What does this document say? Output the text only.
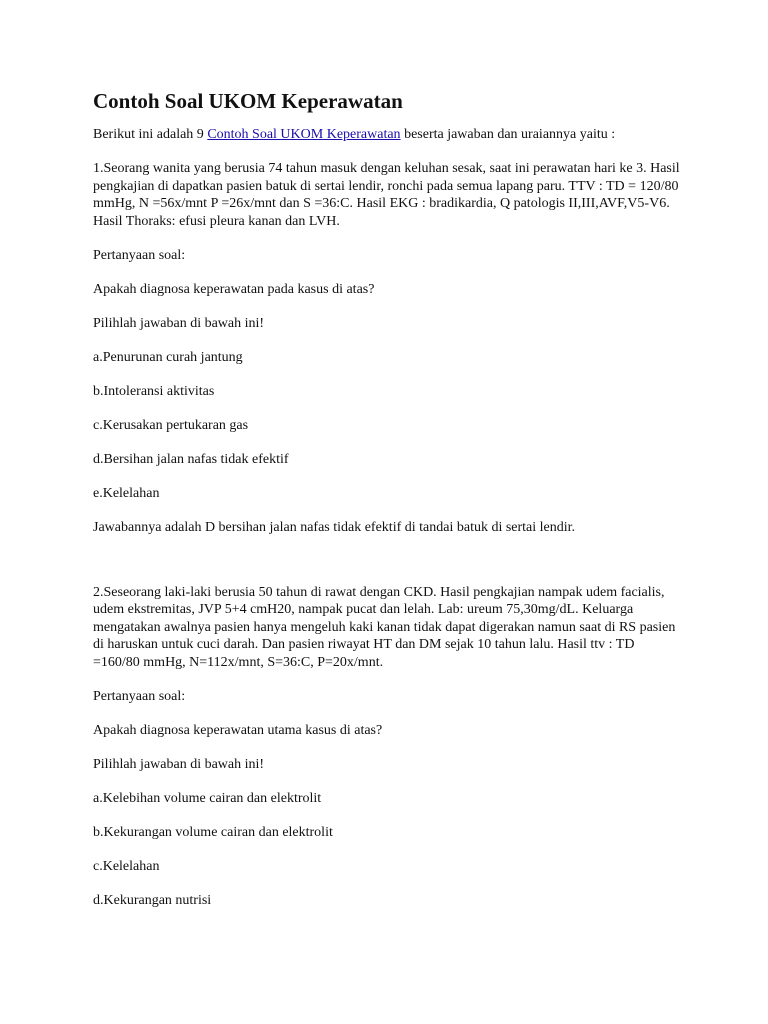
Contoh Soal UKOM Keperawatan

Berikut ini adalah 9 Contoh Soal UKOM Keperawatan beserta jawaban dan uraiannya yaitu :

1.Seorang wanita yang berusia 74 tahun masuk dengan keluhan sesak, saat ini perawatan hari ke 3. Hasil pengkajian di dapatkan pasien batuk di sertai lendir, ronchi pada semua lapang paru. TTV : TD = 120/80 mmHg, N =56x/mnt P =26x/mnt dan S =36:C. Hasil EKG : bradikardia, Q patologis II,III,AVF,V5-V6. Hasil Thoraks: efusi pleura kanan dan LVH.

Pertanyaan soal:

Apakah diagnosa keperawatan pada kasus di atas?

Pilihlah jawaban di bawah ini!

a.Penurunan curah jantung

b.Intoleransi aktivitas

c.Kerusakan pertukaran gas

d.Bersihan jalan nafas tidak efektif

e.Kelelahan

Jawabannya adalah D bersihan jalan nafas tidak efektif di tandai batuk di sertai lendir.

2.Seseorang laki-laki berusia 50 tahun di rawat dengan CKD. Hasil pengkajian nampak udem facialis, udem ekstremitas, JVP 5+4 cmH20, nampak pucat dan lelah. Lab: ureum 75,30mg/dL. Keluarga mengatakan awalnya pasien hanya mengeluh kaki kanan tidak dapat digerakan namun saat di RS pasien di haruskan untuk cuci darah. Dan pasien riwayat HT dan DM sejak 10 tahun lalu. Hasil ttv : TD =160/80 mmHg, N=112x/mnt, S=36:C, P=20x/mnt.

Pertanyaan soal:

Apakah diagnosa keperawatan utama kasus di atas?

Pilihlah jawaban di bawah ini!

a.Kelebihan volume cairan dan elektrolit

b.Kekurangan volume cairan dan elektrolit

c.Kelelahan

d.Kekurangan nutrisi
